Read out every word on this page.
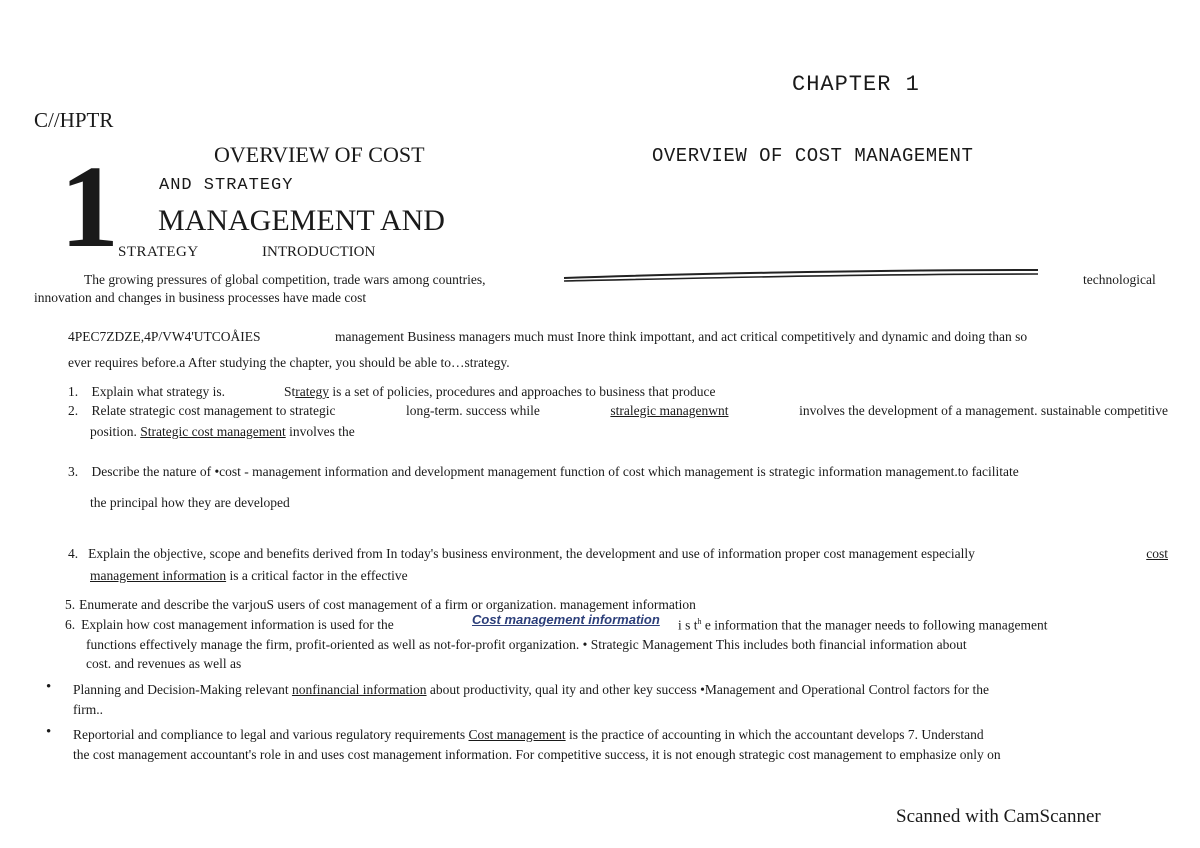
CHAPTER 1
C//HPTR
OVERVIEW OF COST	OVERVIEW OF COST MANAGEMENT
1 AND STRATEGY
MANAGEMENT AND
STRATEGY	INTRODUCTION
The growing pressures of global competition, trade wars among countries,	technological
innovation and changes in business processes have made cost
4PEC7ZDZE,4P/VW4'UTCOÅIES	management Business managers much must Inore think impottant, and act critical competitively and dynamic and doing than so
ever requires before.a After studying the chapter, you should be able to…strategy.
1. Explain what strategy is.	Strategy is a set of policies, procedures and approaches to business that produce
2. Relate strategic cost management to strategic	long-term. success while	stralegic managenwnt	involves the development of a management. sustainable competitive
position. Strategic cost management involves the
3. Describe the nature of •cost - management information and development management function of cost which management is strategic information management.to facilitate
the principal how they are developed
4. Explain the objective, scope and benefits derived from In today's business environment, the development and use of information proper cost management especially	cost
management information is a critical factor in the effective
5. Enumerate and describe the varjouS users of cost management of a firm or organization. management information
6. Explain how cost management information is used for the	Cost management information i s $t^h$ e information that the manager needs to following management
functions effectively manage the firm, profit-oriented as well as not-for-profit organization. • Strategic Management This includes both financial information about
cost. and revenues as well as
• Planning and Decision-Making relevant nonfinancial information about productivity, qual ity and other key success •Management and Operational Control factors for the
firm..
• Reportorial and compliance to legal and various regulatory requirements Cost management is the practice of accounting in which the accountant develops 7. Understand
the cost management accountant's role in and uses cost management information. For competitive success, it is not enough strategic cost management to emphasize only on
Scanned with CamScanner
